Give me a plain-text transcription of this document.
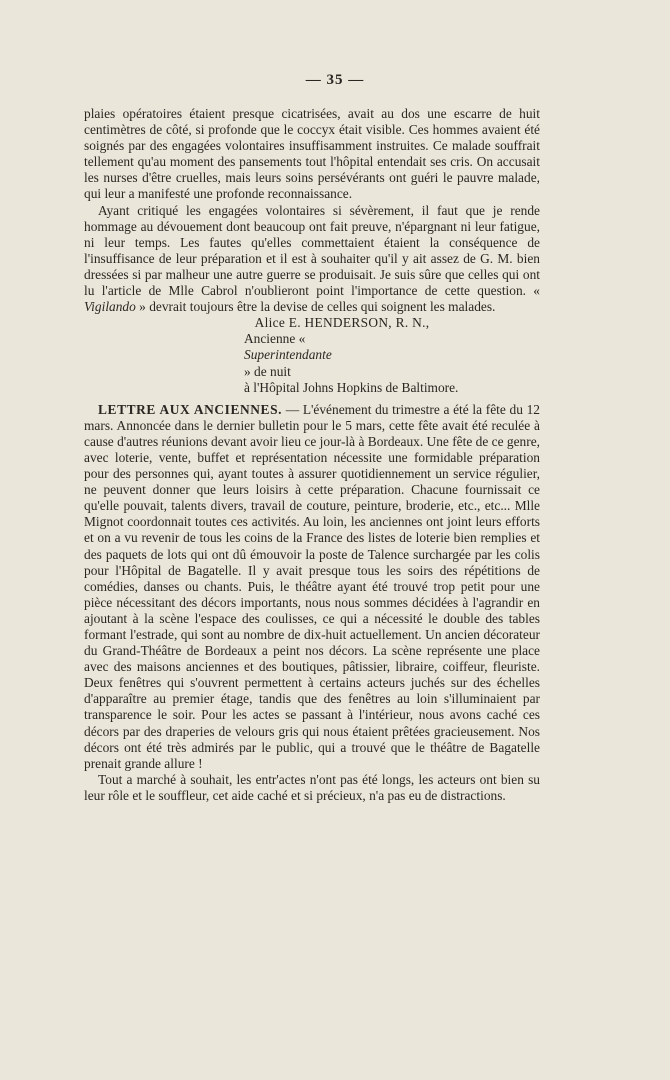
— 35 —

plaies opératoires étaient presque cicatrisées, avait au dos une escarre de huit centimètres de côté, si profonde que le coccyx était visible. Ces hommes avaient été soignés par des engagées volontaires insuffisamment instruites. Ce malade souffrait tellement qu'au moment des pansements tout l'hôpital entendait ses cris. On accusait les nurses d'être cruelles, mais leurs soins persévérants ont guéri le pauvre malade, qui leur a manifesté une profonde reconnaissance.

Ayant critiqué les engagées volontaires si sévèrement, il faut que je rende hommage au dévouement dont beaucoup ont fait preuve, n'épargnant ni leur fatigue, ni leur temps. Les fautes qu'elles commettaient étaient la conséquence de l'insuffisance de leur préparation et il est à souhaiter qu'il y ait assez de G. M. bien dressées si par malheur une autre guerre se produisait. Je suis sûre que celles qui ont lu l'article de Mlle Cabrol n'oublieront point l'importance de cette question. « Vigilando » devrait toujours être la devise de celles qui soignent les malades.

Alice E. HENDERSON, R. N.,

Ancienne «
Superintendante
» de nuit
à l'Hôpital Johns Hopkins de Baltimore.

LETTRE AUX ANCIENNES. — L'événement du trimestre a été la fête du 12 mars. Annoncée dans le dernier bulletin pour le 5 mars, cette fête avait été reculée à cause d'autres réunions devant avoir lieu ce jour-là à Bordeaux. Une fête de ce genre, avec loterie, vente, buffet et représentation nécessite une formidable préparation pour des personnes qui, ayant toutes à assurer quotidiennement un service régulier, ne peuvent donner que leurs loisirs à cette préparation. Chacune fournissait ce qu'elle pouvait, talents divers, travail de couture, peinture, broderie, etc., etc... Mlle Mignot coordonnait toutes ces activités. Au loin, les anciennes ont joint leurs efforts et on a vu revenir de tous les coins de la France des listes de loterie bien remplies et des paquets de lots qui ont dû émouvoir la poste de Talence surchargée par les colis pour l'Hôpital de Bagatelle. Il y avait presque tous les soirs des répétitions de comédies, danses ou chants. Puis, le théâtre ayant été trouvé trop petit pour une pièce nécessitant des décors importants, nous nous sommes décidées à l'agrandir en ajoutant à la scène l'espace des coulisses, ce qui a nécessité le double des tables formant l'estrade, qui sont au nombre de dix-huit actuellement. Un ancien décorateur du Grand-Théâtre de Bordeaux a peint nos décors. La scène représente une place avec des maisons anciennes et des boutiques, pâtissier, libraire, coiffeur, fleuriste. Deux fenêtres qui s'ouvrent permettent à certains acteurs juchés sur des échelles d'apparaître au premier étage, tandis que des fenêtres au loin s'illuminaient par transparence le soir. Pour les actes se passant à l'intérieur, nous avons caché ces décors par des draperies de velours gris qui nous étaient prêtées gracieusement. Nos décors ont été très admirés par le public, qui a trouvé que le théâtre de Bagatelle prenait grande allure !

Tout a marché à souhait, les entr'actes n'ont pas été longs, les acteurs ont bien su leur rôle et le souffleur, cet aide caché et si précieux, n'a pas eu de distractions.
